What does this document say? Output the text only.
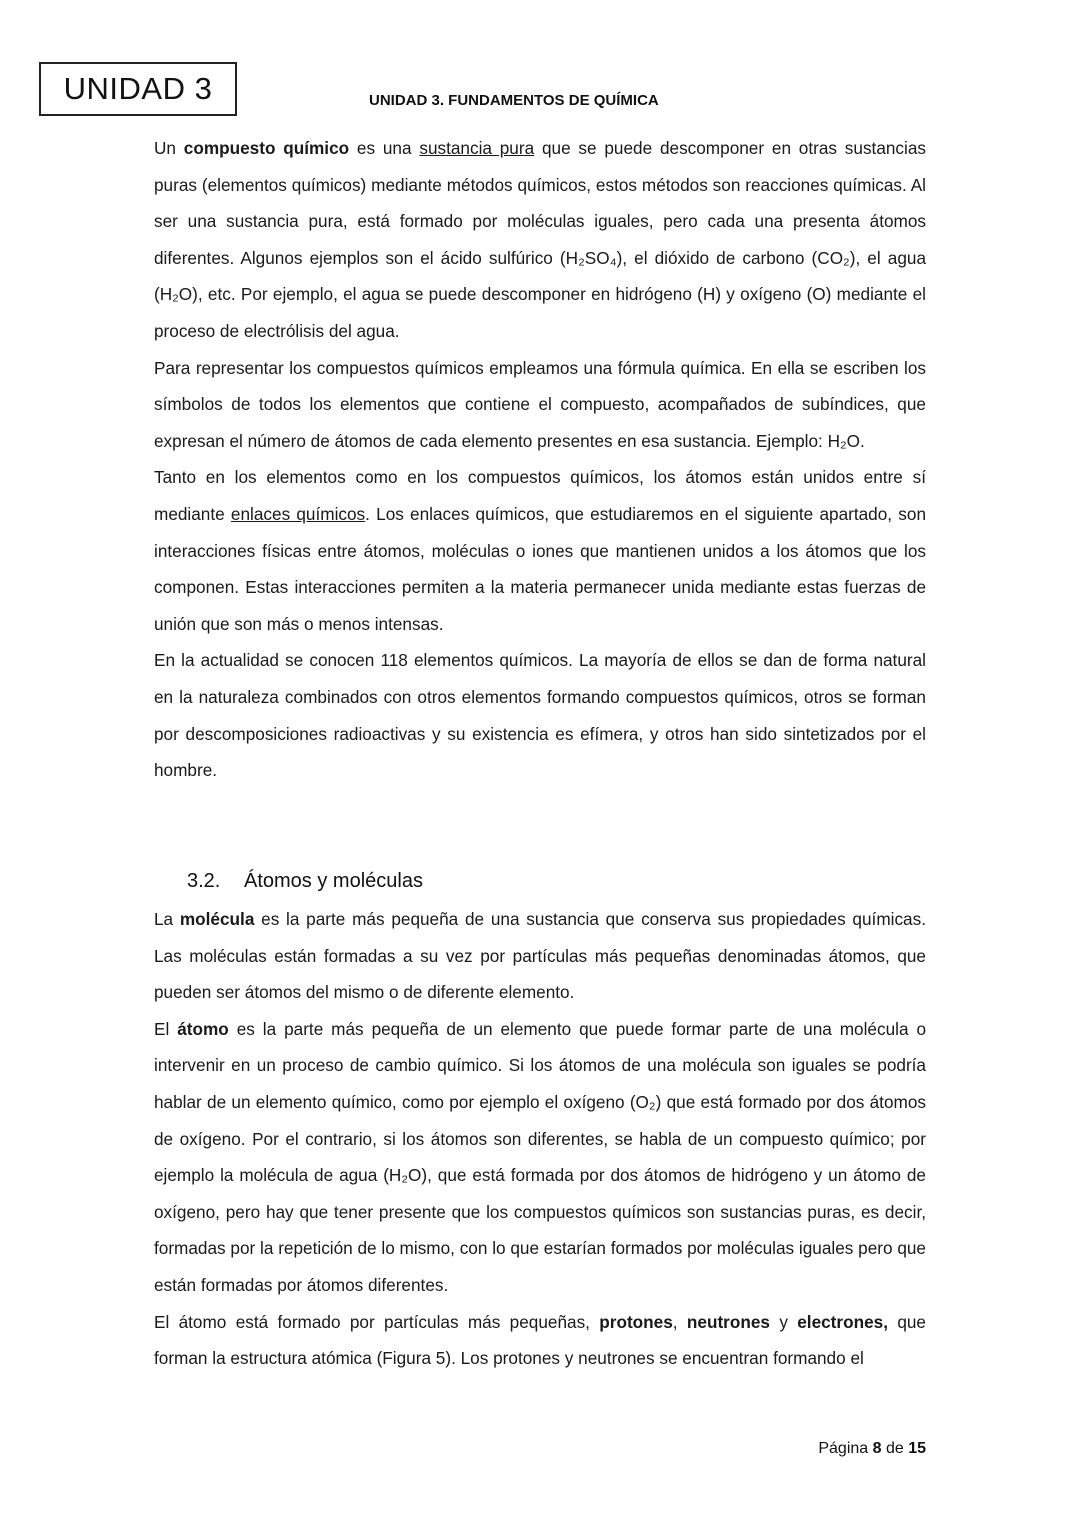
UNIDAD 3	UNIDAD 3. FUNDAMENTOS DE QUÍMICA

Un compuesto químico es una sustancia pura que se puede descomponer en otras sustancias puras (elementos químicos) mediante métodos químicos, estos métodos son reacciones químicas. Al ser una sustancia pura, está formado por moléculas iguales, pero cada una presenta átomos diferentes. Algunos ejemplos son el ácido sulfúrico (H₂SO₄), el dióxido de carbono (CO₂), el agua (H₂O), etc. Por ejemplo, el agua se puede descomponer en hidrógeno (H) y oxígeno (O) mediante el proceso de electrólisis del agua.

Para representar los compuestos químicos empleamos una fórmula química. En ella se escriben los símbolos de todos los elementos que contiene el compuesto, acompañados de subíndices, que expresan el número de átomos de cada elemento presentes en esa sustancia. Ejemplo: H₂O.

Tanto en los elementos como en los compuestos químicos, los átomos están unidos entre sí mediante enlaces químicos. Los enlaces químicos, que estudiaremos en el siguiente apartado, son interacciones físicas entre átomos, moléculas o iones que mantienen unidos a los átomos que los componen. Estas interacciones permiten a la materia permanecer unida mediante estas fuerzas de unión que son más o menos intensas.

En la actualidad se conocen 118 elementos químicos. La mayoría de ellos se dan de forma natural en la naturaleza combinados con otros elementos formando compuestos químicos, otros se forman por descomposiciones radioactivas y su existencia es efímera, y otros han sido sintetizados por el hombre.

3.2. Átomos y moléculas

La molécula es la parte más pequeña de una sustancia que conserva sus propiedades químicas. Las moléculas están formadas a su vez por partículas más pequeñas denominadas átomos, que pueden ser átomos del mismo o de diferente elemento.

El átomo es la parte más pequeña de un elemento que puede formar parte de una molécula o intervenir en un proceso de cambio químico. Si los átomos de una molécula son iguales se podría hablar de un elemento químico, como por ejemplo el oxígeno (O₂) que está formado por dos átomos de oxígeno. Por el contrario, si los átomos son diferentes, se habla de un compuesto químico; por ejemplo la molécula de agua (H₂O), que está formada por dos átomos de hidrógeno y un átomo de oxígeno, pero hay que tener presente que los compuestos químicos son sustancias puras, es decir, formadas por la repetición de lo mismo, con lo que estarían formados por moléculas iguales pero que están formadas por átomos diferentes.

El átomo está formado por partículas más pequeñas, protones, neutrones y electrones, que forman la estructura atómica (Figura 5). Los protones y neutrones se encuentran formando el

Página 8 de 15
